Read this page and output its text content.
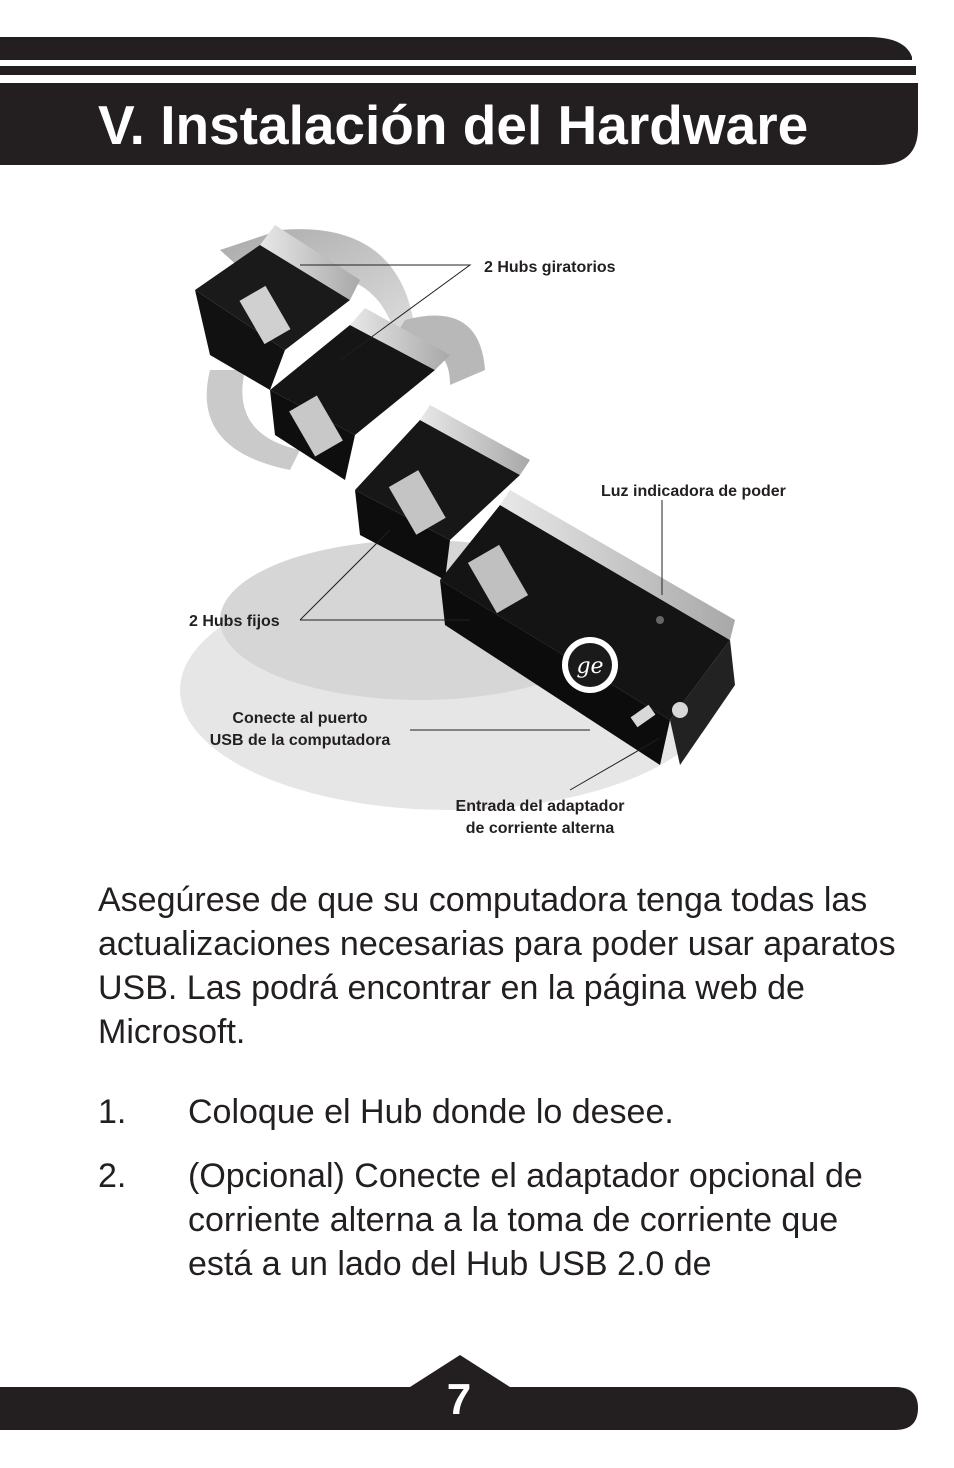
V. Instalación del Hardware
ge
2 Hubs giratorios
Luz indicadora de poder
2 Hubs fijos
Conecte al puerto
USB de la computadora
Entrada del adaptador
de corriente alterna

Asegúrese de que su computadora tenga todas las actualizaciones necesarias para poder usar aparatos USB. Las podrá encontrar en la página web de Microsoft.

1. Coloque el Hub donde lo desee.
2. (Opcional) Conecte el adaptador opcional de corriente alterna a la toma de corriente que está a un lado del Hub USB 2.0 de
7
